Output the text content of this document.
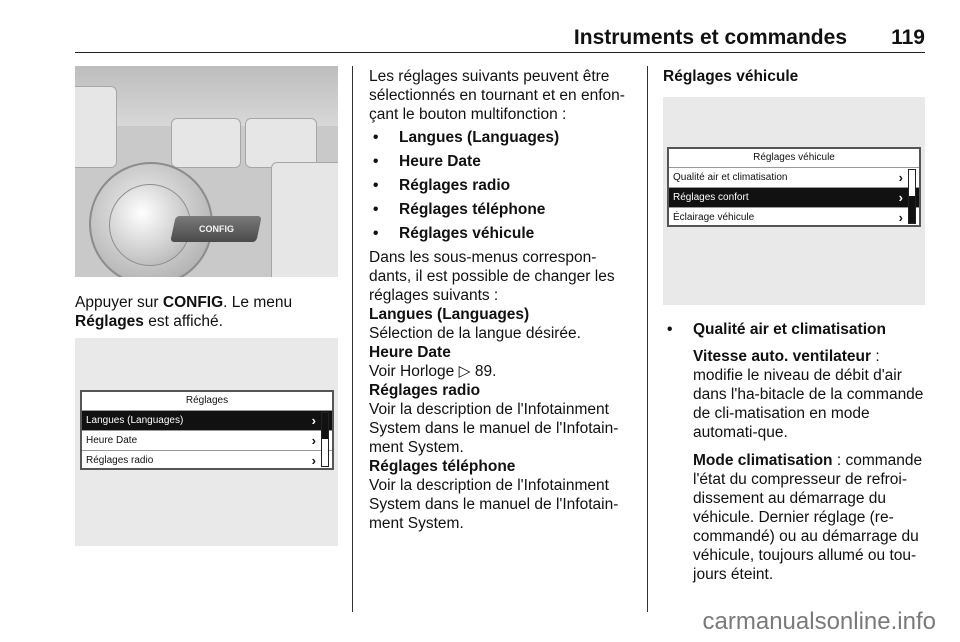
Instruments et commandes 119
CONFIG

Appuyer sur CONFIG. Le menu
Réglages est affiché.

Réglages
Langues (Languages)	›
Heure Date	›
Réglages radio	›

Les réglages suivants peuvent être sélectionnés en tournant et en enfon-çant le bouton multifonction :

• Langues (Languages)
• Heure Date
• Réglages radio
• Réglages téléphone
• Réglages véhicule

Dans les sous-menus correspon-dants, il est possible de changer les réglages suivants :

Langues (Languages)

Sélection de la langue désirée.

Heure Date

Voir Horloge ▷ 89.

Réglages radio

Voir la description de l'Infotainment System dans le manuel de l'Infotain-ment System.

Réglages téléphone

Voir la description de l'Infotainment System dans le manuel de l'Infotain-ment System.

Réglages véhicule

Réglages véhicule
Qualité air et climatisation	›
Réglages confort	›
Éclairage véhicule	›
• Qualité air et climatisation

Vitesse auto. ventilateur : modifie le niveau de débit d'air dans l'ha-bitacle de la commande de cli-matisation en mode automati-que.

Mode climatisation : commande l'état du compresseur de refroi-dissement au démarrage du véhicule. Dernier réglage (re-commandé) ou au démarrage du véhicule, toujours allumé ou tou-jours éteint.

carmanualsonline.info
